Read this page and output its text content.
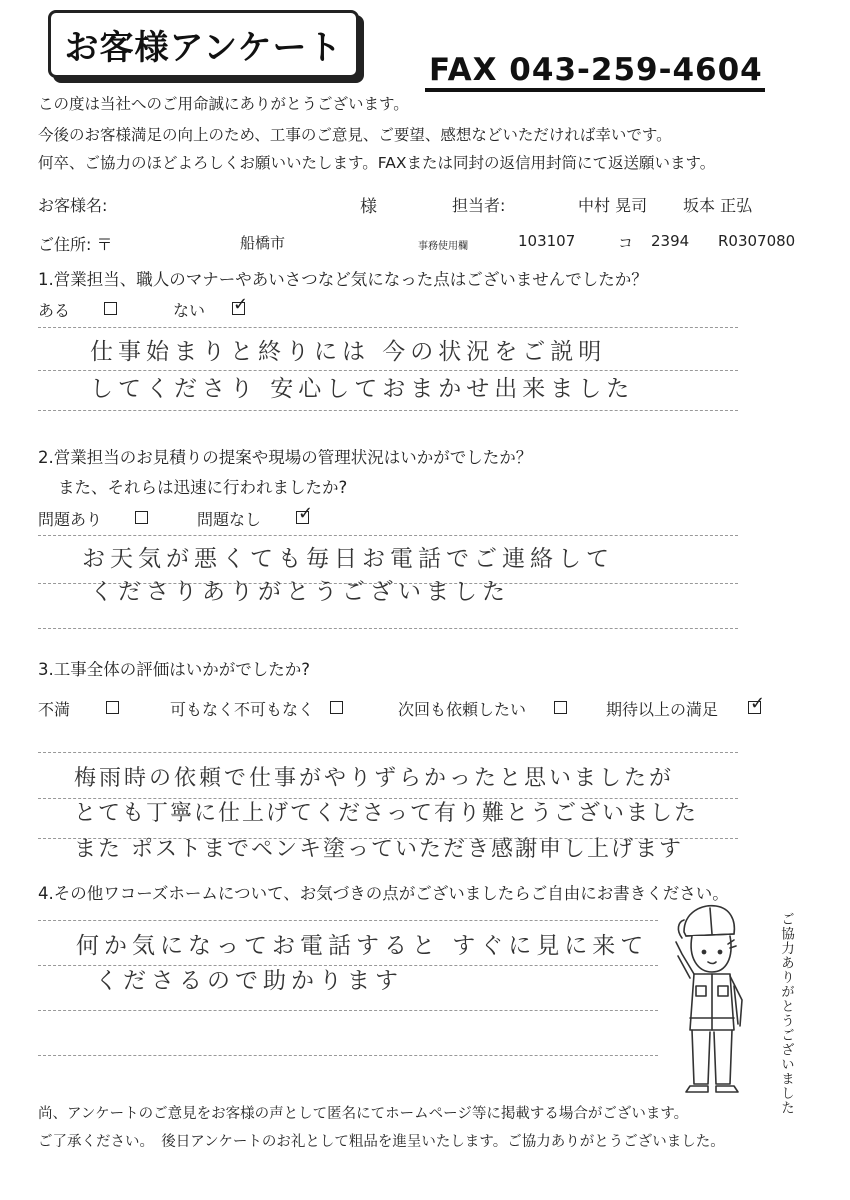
お客様アンケート
FAX 043-259-4604
この度は当社へのご用命誠にありがとうございます。
今後のお客様満足の向上のため、工事のご意見、ご要望、感想などいただければ幸いです。
何卒、ご協力のほどよろしくお願いいたします。FAXまたは同封の返信用封筒にて返送願います。
お客様名:	様	担当者:	中村 晃司 坂本 正弘
ご住所: 〒	船橋市	事務使用欄	103107	コ 2394 R0307080
1.営業担当、職人のマナーやあいさつなど気になった点はございませんでしたか？
ある	ない ✓
仕事始まりと終りには 今の状況をご説明
してくださり 安心しておまかせ出来ました
2.営業担当のお見積りの提案や現場の管理状況はいかがでしたか？
また、それらは迅速に行われましたか?
問題あり	問題なし ✓
お天気が悪くても毎日お電話でご連絡して
くださりありがとうございました
3.工事全体の評価はいかがでしたか?
不満	可もなく不可もなく	次回も依頼したい	期待以上の満足 ✓
梅雨時の依頼で仕事がやりずらかったと思いましたが
とても丁寧に仕上げてくださって有り難とうございました
また ポストまでペンキ塗っていただき感謝申し上げます
4.その他ワコーズホームについて、お気づきの点がございましたらご自由にお書きください。
何か気になってお電話すると すぐに見に来て
くださるので助かります	ご協力ありがとうございました
尚、アンケートのご意見をお客様の声として匿名にてホームページ等に掲載する場合がございます。
ご了承ください。　後日アンケートのお礼として粗品を進呈いたします。ご協力ありがとうございました。
